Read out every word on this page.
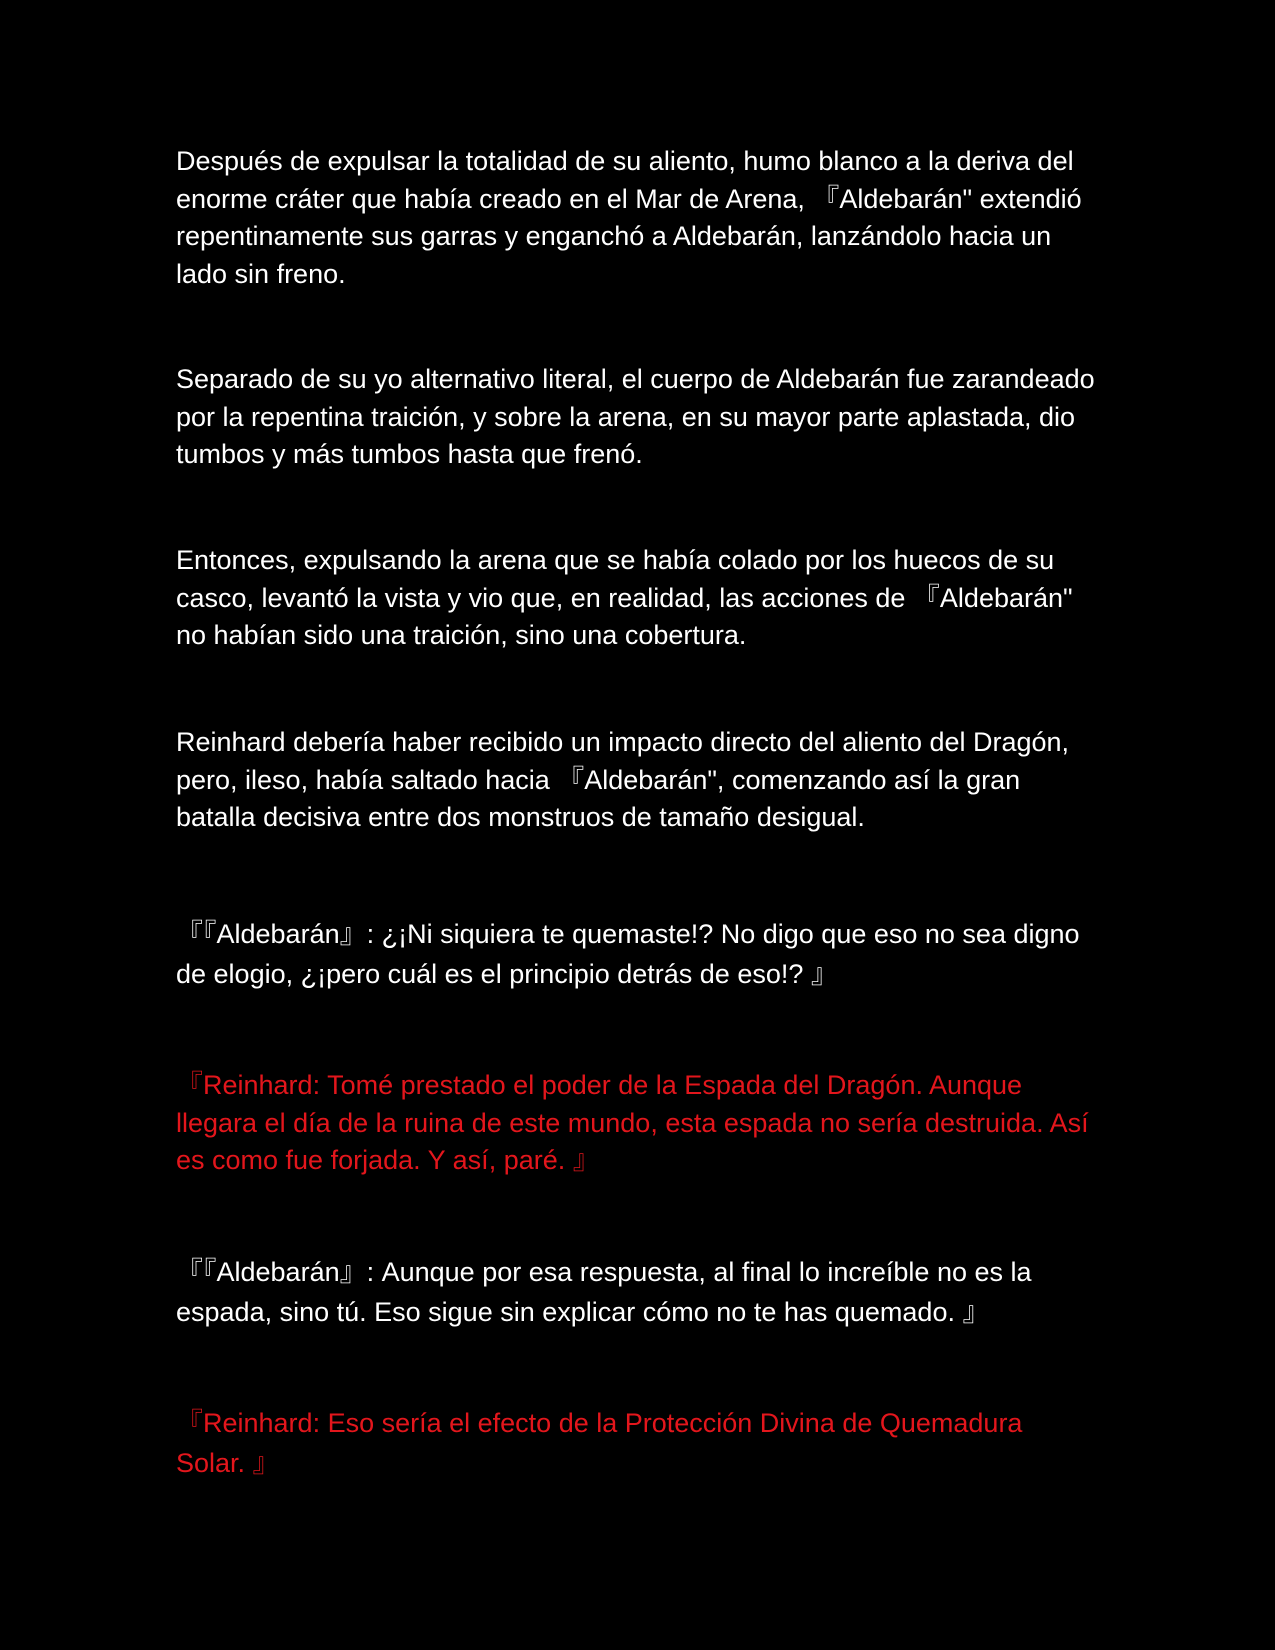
Después de expulsar la totalidad de su aliento, humo blanco a la deriva del enorme cráter que había creado en el Mar de Arena, 『Aldebarán" extendió repentinamente sus garras y enganchó a Aldebarán, lanzándolo hacia un lado sin freno.

Separado de su yo alternativo literal, el cuerpo de Aldebarán fue zarandeado por la repentina traición, y sobre la arena, en su mayor parte aplastada, dio tumbos y más tumbos hasta que frenó.

Entonces, expulsando la arena que se había colado por los huecos de su casco, levantó la vista y vio que, en realidad, las acciones de 『Aldebarán" no habían sido una traición, sino una cobertura.

Reinhard debería haber recibido un impacto directo del aliento del Dragón, pero, ileso, había saltado hacia 『Aldebarán", comenzando así la gran batalla decisiva entre dos monstruos de tamaño desigual.

『『Aldebarán』: ¿¡Ni siquiera te quemaste!? No digo que eso no sea digno de elogio, ¿¡pero cuál es el principio detrás de eso!? 』

『Reinhard: Tomé prestado el poder de la Espada del Dragón. Aunque llegara el día de la ruina de este mundo, esta espada no sería destruida. Así es como fue forjada. Y así, paré. 』

『『Aldebarán』: Aunque por esa respuesta, al final lo increíble no es la espada, sino tú. Eso sigue sin explicar cómo no te has quemado. 』

『Reinhard: Eso sería el efecto de la Protección Divina de Quemadura Solar. 』
